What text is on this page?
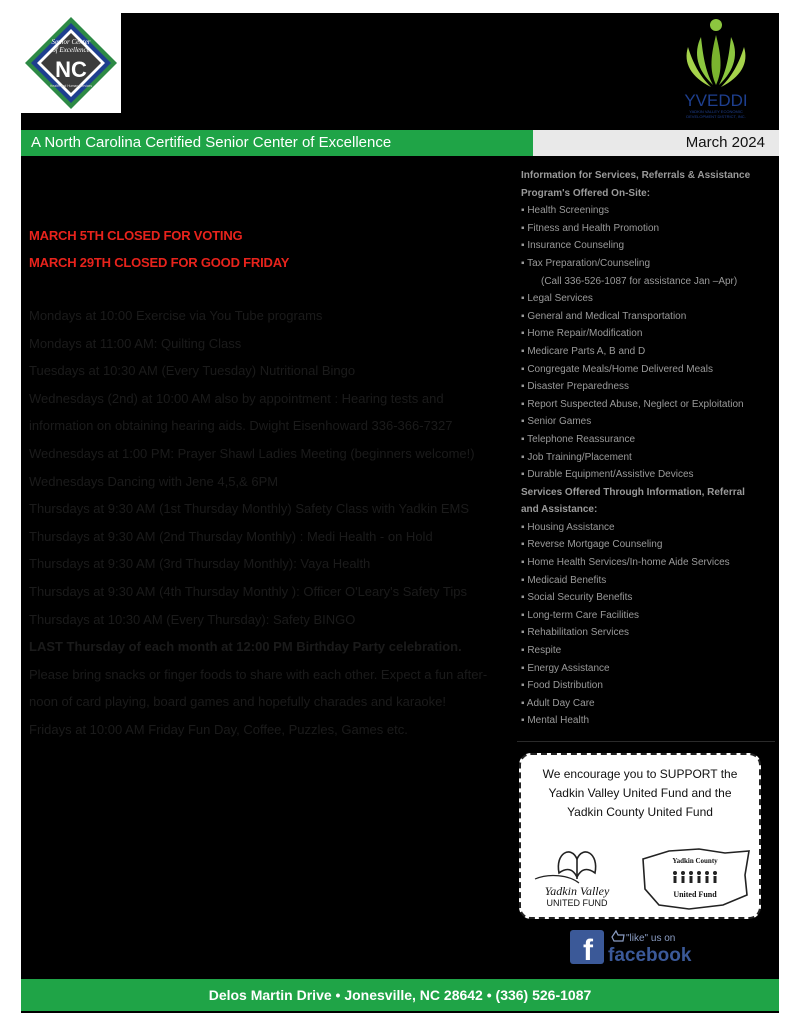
Senior Center
of Excellence
NC
Health and Human Services
YVEDDI
YADKIN VALLEY ECONOMIC
DEVELOPMENT DISTRICT, INC.
A North Carolina Certified Senior Center of Excellence	March 2024
MARCH 5TH CLOSED FOR VOTING
MARCH 29TH CLOSED FOR GOOD FRIDAY
Mondays at 10:00 Exercise via You Tube programs
Mondays at 11:00 AM: Quilting Class
Tuesdays at 10:30 AM (Every Tuesday) Nutritional Bingo
Wednesdays (2nd) at 10:00 AM also by appointment : Hearing tests and
information on obtaining hearing aids. Dwight Eisenhoward 336-366-7327
Wednesdays at 1:00 PM: Prayer Shawl Ladies Meeting (beginners welcome!)
Wednesdays Dancing with Jene 4,5,& 6PM
Thursdays at 9:30 AM (1st Thursday Monthly) Safety Class with Yadkin EMS
Thursdays at 9:30 AM (2nd Thursday Monthly) : Medi Health - on Hold
Thursdays at 9:30 AM (3rd Thursday Monthly): Vaya Health
Thursdays at 9:30 AM (4th Thursday Monthly ): Officer O'Leary's Safety Tips
Thursdays at 10:30 AM (Every Thursday): Safety BINGO
LAST Thursday of each month at 12:00 PM Birthday Party celebration.
Please bring snacks or finger foods to share with each other. Expect a fun after-
noon of card playing, board games and hopefully charades and karaoke!
Fridays at 10:00 AM Friday Fun Day, Coffee, Puzzles, Games etc.
Information for Services, Referrals & Assistance
Program's Offered On-Site:
▪ Health Screenings
▪ Fitness and Health Promotion
▪ Insurance Counseling
▪ Tax Preparation/Counseling
(Call 336-526-1087 for assistance Jan –Apr)
▪ Legal Services
▪ General and Medical Transportation
▪ Home Repair/Modification
▪ Medicare Parts A, B and D
▪ Congregate Meals/Home Delivered Meals
▪ Disaster Preparedness
▪ Report Suspected Abuse, Neglect or Exploitation
▪ Senior Games
▪ Telephone Reassurance
▪ Job Training/Placement
▪ Durable Equipment/Assistive Devices
Services Offered Through Information, Referral
and Assistance:
▪ Housing Assistance
▪ Reverse Mortgage Counseling
▪ Home Health Services/In-home Aide Services
▪ Medicaid Benefits
▪ Social Security Benefits
▪ Long-term Care Facilities
▪ Rehabilitation Services
▪ Respite
▪ Energy Assistance
▪ Food Distribution
▪ Adult Day Care
▪ Mental Health
We encourage you to SUPPORT the
Yadkin Valley United Fund and the
Yadkin County United Fund
Yadkin Valley
UNITED FUND
Yadkin County
United Fund
f	"like" us on
facebook
Delos Martin Drive • Jonesville, NC 28642 • (336) 526-1087
